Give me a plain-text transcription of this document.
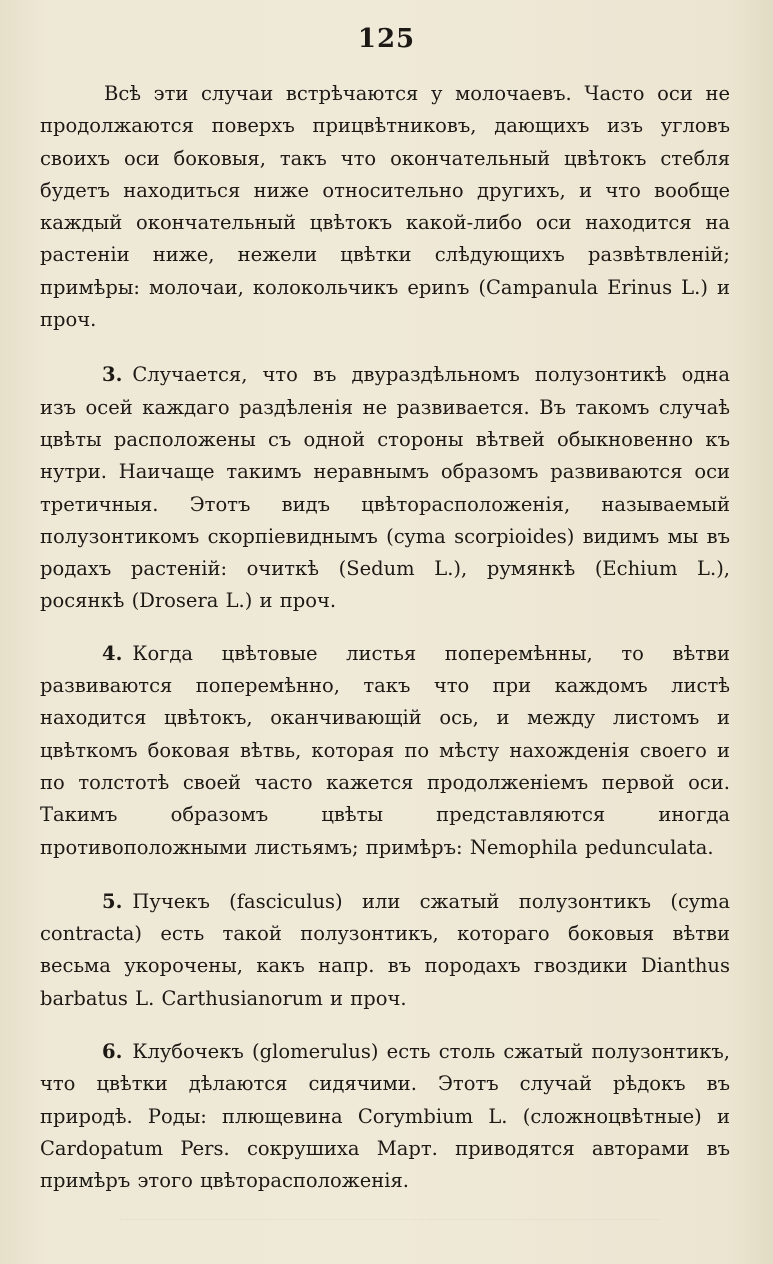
125

Всѣ эти случаи встрѣчаются у молочаевъ. Часто оси не продолжаются поверхъ прицвѣтниковъ, дающихъ изъ угловъ своихъ оси боковыя, такъ что окончательный цвѣтокъ стебля будетъ находиться ниже относительно другихъ, и что вообще каждый окончательный цвѣтокъ какой-либо оси находится на растеніи ниже, нежели цвѣтки слѣдующихъ развѣтвленій; примѣры: молочаи, колокольчикъ ериnъ (Campanula Erinus L.) и проч.

3. Случается, что въ двураздѣльномъ полузонтикѣ одна изъ осей каждаго раздѣленія не развивается. Въ такомъ случаѣ цвѣты расположены съ одной стороны вѣтвей обыкновенно къ нутри. Наичаще такимъ неравнымъ образомъ развиваются оси третичныя. Этотъ видъ цвѣторасположенія, называемый полузонтикомъ скорпіевиднымъ (cyma scorpioides) видимъ мы въ родахъ растеній: очиткѣ (Sedum L.), румянкѣ (Echium L.), росянкѣ (Drosera L.) и проч.

4. Когда цвѣтовые листья поперемѣнны, то вѣтви развиваются поперемѣнно, такъ что при каждомъ листѣ находится цвѣтокъ, оканчивающій ось, и между листомъ и цвѣткомъ боковая вѣтвь, которая по мѣсту нахожденія своего и по толстотѣ своей часто кажется продолженіемъ первой оси. Такимъ образомъ цвѣты представляются иногда противоположными листьямъ; примѣръ: Nemophila pedunculata.

5. Пучекъ (fasciculus) или сжатый полузонтикъ (cyma contracta) есть такой полузонтикъ, котораго боковыя вѣтви весьма укорочены, какъ напр. въ породахъ гвоздики Dianthus barbatus L. Carthusianorum и проч.

6. Клубочекъ (glomerulus) есть столь сжатый полузонтикъ, что цвѣтки дѣлаются сидячими. Этотъ случай рѣдокъ въ природѣ. Роды: плющевина Corymbium L. (сложноцвѣтные) и Cardopatum Pers. сокрушиха Март. приводятся авторами въ примѣръ этого цвѣторасположенія.
